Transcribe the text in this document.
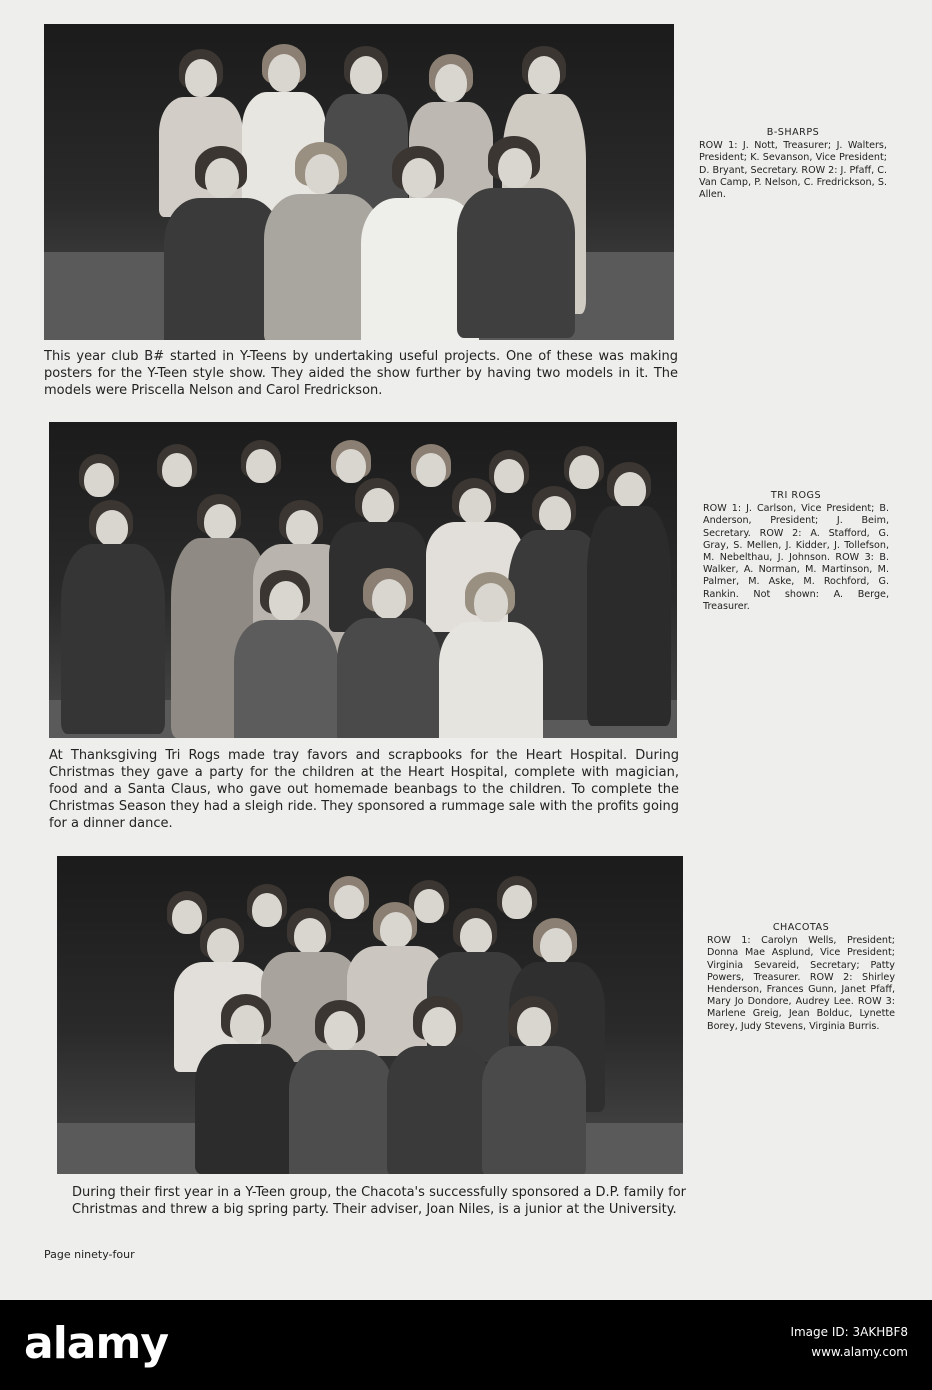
B-SHARPS
ROW 1: J. Nott, Treasurer; J. Walters, President; K. Sevanson, Vice President; D. Bryant, Secretary. ROW 2: J. Pfaff, C. Van Camp, P. Nelson, C. Fredrickson, S. Allen.
This year club B# started in Y-Teens by undertaking useful projects. One of these was making posters for the Y-Teen style show. They aided the show further by having two models in it. The models were Priscella Nelson and Carol Fredrickson.
TRI ROGS
ROW 1: J. Carlson, Vice President; B. Anderson, President; J. Beim, Secretary. ROW 2: A. Stafford, G. Gray, S. Mellen, J. Kidder, J. Tollefson, M. Nebelthau, J. Johnson. ROW 3: B. Walker, A. Norman, M. Martinson, M. Palmer, M. Aske, M. Rochford, G. Rankin. Not shown: A. Berge, Treasurer.
At Thanksgiving Tri Rogs made tray favors and scrapbooks for the Heart Hospital. During Christmas they gave a party for the children at the Heart Hospital, complete with magician, food and a Santa Claus, who gave out homemade beanbags to the children. To complete the Christmas Season they had a sleigh ride. They sponsored a rummage sale with the profits going for a dinner dance.
CHACOTAS
ROW 1: Carolyn Wells, President; Donna Mae Asplund, Vice President; Virginia Sevareid, Secretary; Patty Powers, Treasurer. ROW 2: Shirley Henderson, Frances Gunn, Janet Pfaff, Mary Jo Dondore, Audrey Lee. ROW 3: Marlene Greig, Jean Bolduc, Lynette Borey, Judy Stevens, Virginia Burris.
During their first year in a Y-Teen group, the Chacota's successfully sponsored a D.P. family for Christmas and threw a big spring party. Their adviser, Joan Niles, is a junior at the University.
Page ninety-four
alamy	Image ID: 3AKHBF8
www.alamy.com
